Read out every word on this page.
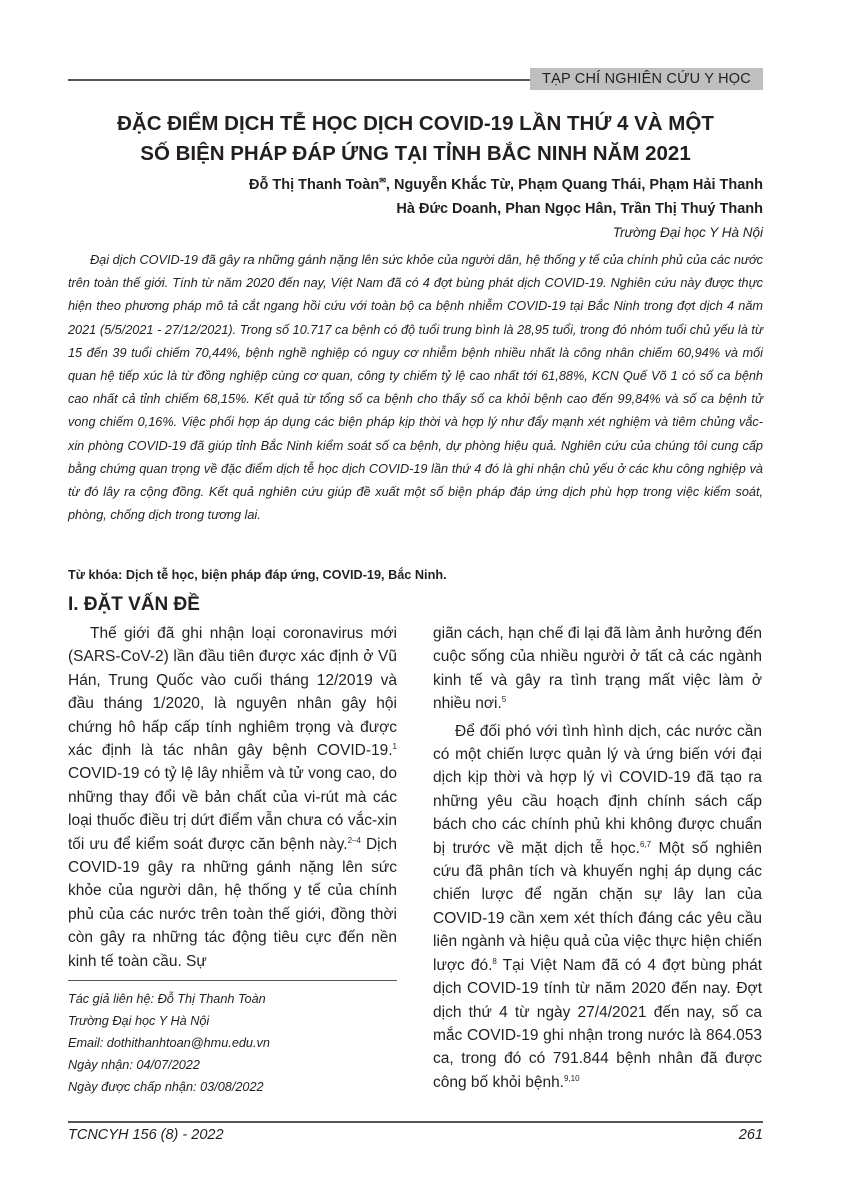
TẠP CHÍ NGHIÊN CỨU Y HỌC
ĐẶC ĐIỂM DỊCH TỄ HỌC DỊCH COVID-19 LẦN THỨ 4 VÀ MỘT
SỐ BIỆN PHÁP ĐÁP ỨNG TẠI TỈNH BẮC NINH NĂM 2021
Đỗ Thị Thanh Toàn✉, Nguyễn Khắc Từ, Phạm Quang Thái, Phạm Hải Thanh
Hà Đức Doanh, Phan Ngọc Hân, Trần Thị Thuý Thanh
Trường Đại học Y Hà Nội

Đại dịch COVID-19 đã gây ra những gánh nặng lên sức khỏe của người dân, hệ thống y tế của chính phủ của các nước trên toàn thế giới. Tính từ năm 2020 đến nay, Việt Nam đã có 4 đợt bùng phát dịch COVID-19. Nghiên cứu này được thực hiện theo phương pháp mô tả cắt ngang hồi cứu với toàn bộ ca bệnh nhiễm COVID-19 tại Bắc Ninh trong đợt dịch 4 năm 2021 (5/5/2021 - 27/12/2021). Trong số 10.717 ca bệnh có độ tuổi trung bình là 28,95 tuổi, trong đó nhóm tuổi chủ yếu là từ 15 đến 39 tuổi chiếm 70,44%, bệnh nghề nghiệp có nguy cơ nhiễm bệnh nhiều nhất là công nhân chiếm 60,94% và mối quan hệ tiếp xúc là từ đồng nghiệp cùng cơ quan, công ty chiếm tỷ lệ cao nhất tới 61,88%, KCN Quế Võ 1 có số ca bệnh cao nhất cả tỉnh chiếm 68,15%. Kết quả từ tổng số ca bệnh cho thấy số ca khỏi bệnh cao đến 99,84% và số ca bệnh tử vong chiếm 0,16%. Việc phối hợp áp dụng các biện pháp kịp thời và hợp lý như đẩy mạnh xét nghiệm và tiêm chủng vắc-xin phòng COVID-19 đã giúp tỉnh Bắc Ninh kiểm soát số ca bệnh, dự phòng hiệu quả. Nghiên cứu của chúng tôi cung cấp bằng chứng quan trọng về đặc điểm dịch tễ học dịch COVID-19 lần thứ 4 đó là ghi nhận chủ yếu ở các khu công nghiệp và từ đó lây ra cộng đồng. Kết quả nghiên cứu giúp đề xuất một số biện pháp đáp ứng dịch phù hợp trong việc kiểm soát, phòng, chống dịch trong tương lai.

Từ khóa: Dịch tễ học, biện pháp đáp ứng, COVID-19, Bắc Ninh.
I. ĐẶT VẤN ĐỀ

Thế giới đã ghi nhận loại coronavirus mới (SARS-CoV-2) lần đầu tiên được xác định ở Vũ Hán, Trung Quốc vào cuối tháng 12/2019 và đầu tháng 1/2020, là nguyên nhân gây hội chứng hô hấp cấp tính nghiêm trọng và được xác định là tác nhân gây bệnh COVID-19.$^1$ COVID-19 có tỷ lệ lây nhiễm và tử vong cao, do những thay đổi về bản chất của vi-rút mà các loại thuốc điều trị dứt điểm vẫn chưa có vắc-xin tối ưu để kiểm soát được căn bệnh này.$^{2-4}$ Dịch COVID-19 gây ra những gánh nặng lên sức khỏe của người dân, hệ thống y tế của chính phủ của các nước trên toàn thế giới, đồng thời còn gây ra những tác động tiêu cực đến nền kinh tế toàn cầu. Sự

giãn cách, hạn chế đi lại đã làm ảnh hưởng đến cuộc sống của nhiều người ở tất cả các ngành kinh tế và gây ra tình trạng mất việc làm ở nhiều nơi.$^5$

Để đối phó với tình hình dịch, các nước cần có một chiến lược quản lý và ứng biến với đại dịch kịp thời và hợp lý vì COVID-19 đã tạo ra những yêu cầu hoạch định chính sách cấp bách cho các chính phủ khi không được chuẩn bị trước về mặt dịch tễ học.$^{6,7}$ Một số nghiên cứu đã phân tích và khuyến nghị áp dụng các chiến lược để ngăn chặn sự lây lan của COVID-19 cần xem xét thích đáng các yêu cầu liên ngành và hiệu quả của việc thực hiện chiến lược đó.$^8$ Tại Việt Nam đã có 4 đợt bùng phát dịch COVID-19 tính từ năm 2020 đến nay. Đợt dịch thứ 4 từ ngày 27/4/2021 đến nay, số ca mắc COVID-19 ghi nhận trong nước là 864.053 ca, trong đó có 791.844 bệnh nhân đã được công bố khỏi bệnh.$^{9,10}$

Tác giả liên hệ: Đỗ Thị Thanh Toàn
Trường Đại học Y Hà Nội
Email: dothithanhtoan@hmu.edu.vn
Ngày nhận: 04/07/2022
Ngày được chấp nhận: 03/08/2022
TCNCYH 156 (8) - 2022	261
